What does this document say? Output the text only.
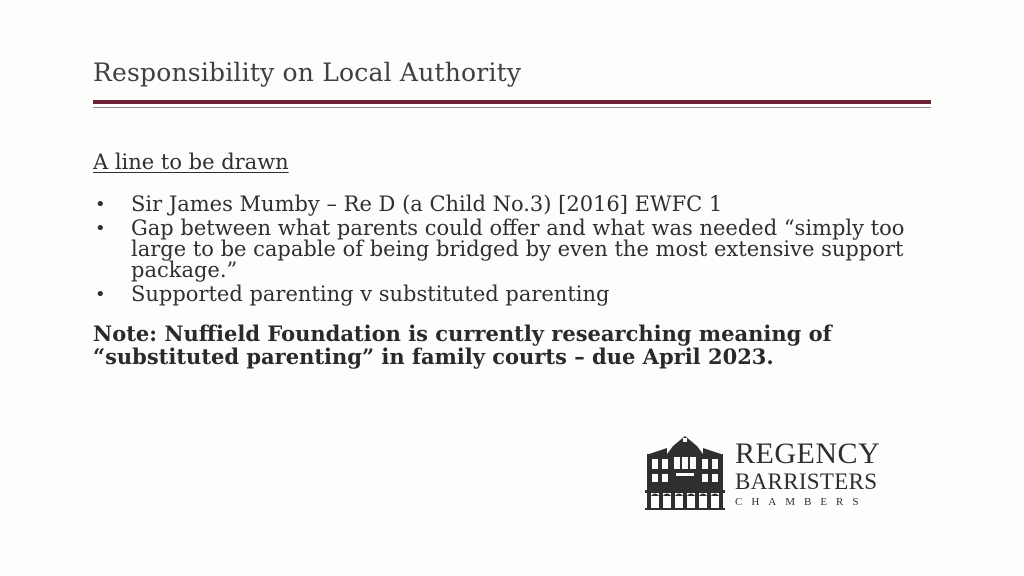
Responsibility on Local Authority
A line to be drawn
• Sir James Mumby – Re D (a Child No.3) [2016] EWFC 1
• Gap between what parents could offer and what was needed “simply too large to be capable of being bridged by even the most extensive support package.”
• Supported parenting v substituted parenting
Note: Nuffield Foundation is currently researching meaning of “substituted parenting” in family courts – due April 2023.
REGENCY
BARRISTERS
CHAMBERS
